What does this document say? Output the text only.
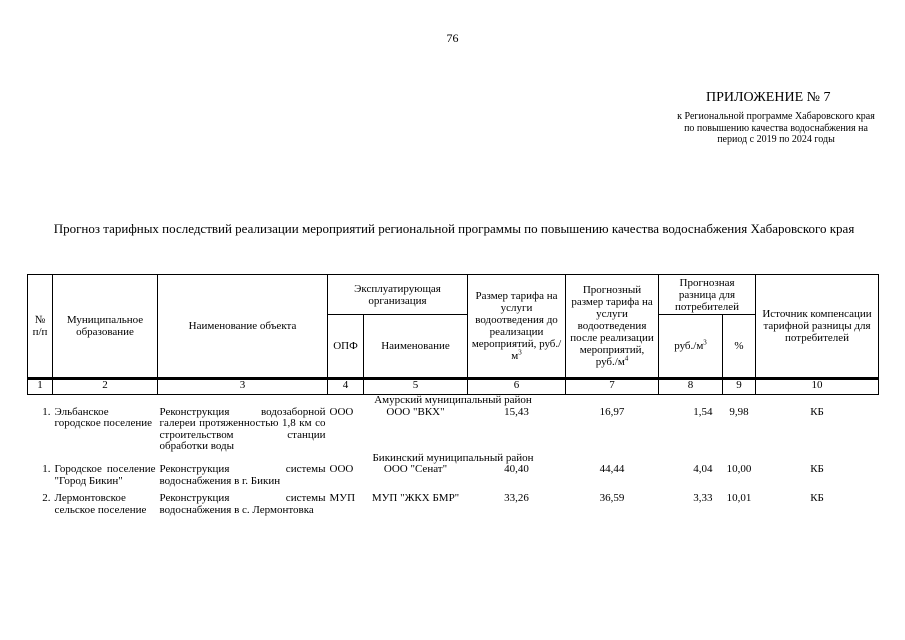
76
ПРИЛОЖЕНИЕ № 7
к Региональной программе Хабаровского края по повышению качества водоснабжения на период с 2019 по 2024 годы
Прогноз тарифных последствий реализации мероприятий региональной программы по повышению качества водоснабжения Хабаровского края
№ п/п	Муниципальное образование	Наименование объекта	Эксплуатирующая организация		Размер тарифа на услуги водоотведения до реализации мероприятий, $руб./м^3$	Прогнозный размер тарифа на услуги водоотведения после реализации мероприятий, $руб./м^4$	Прогнозная разница для потребителей		Источник компенсации тарифной разницы для потребителей
			ОПФ	Наименование			$руб./м^3$	%	
1	2	3	4	5	6	7	8	9	10
Амурский муниципальный район									
1.	Эльбанское городское поселение	Реконструкция водозаборной галереи протяженностью 1,8 км со строительством станции обработки воды	ООО	ООО "ВКХ"	15,43	16,97	1,54	9,98	КБ
Бикинский муниципальный район									
1.	Городское поселение "Город Бикин"	Реконструкция системы водоснабжения в г. Бикин	ООО	ООО "Сенат"	40,40	44,44	4,04	10,00	КБ

2.	Лермонтовское сельское поселение	Реконструкция системы водоснабжения в с. Лермонтовка	МУП	МУП "ЖКХ БМР"	33,26	36,59	3,33	10,01	КБ
